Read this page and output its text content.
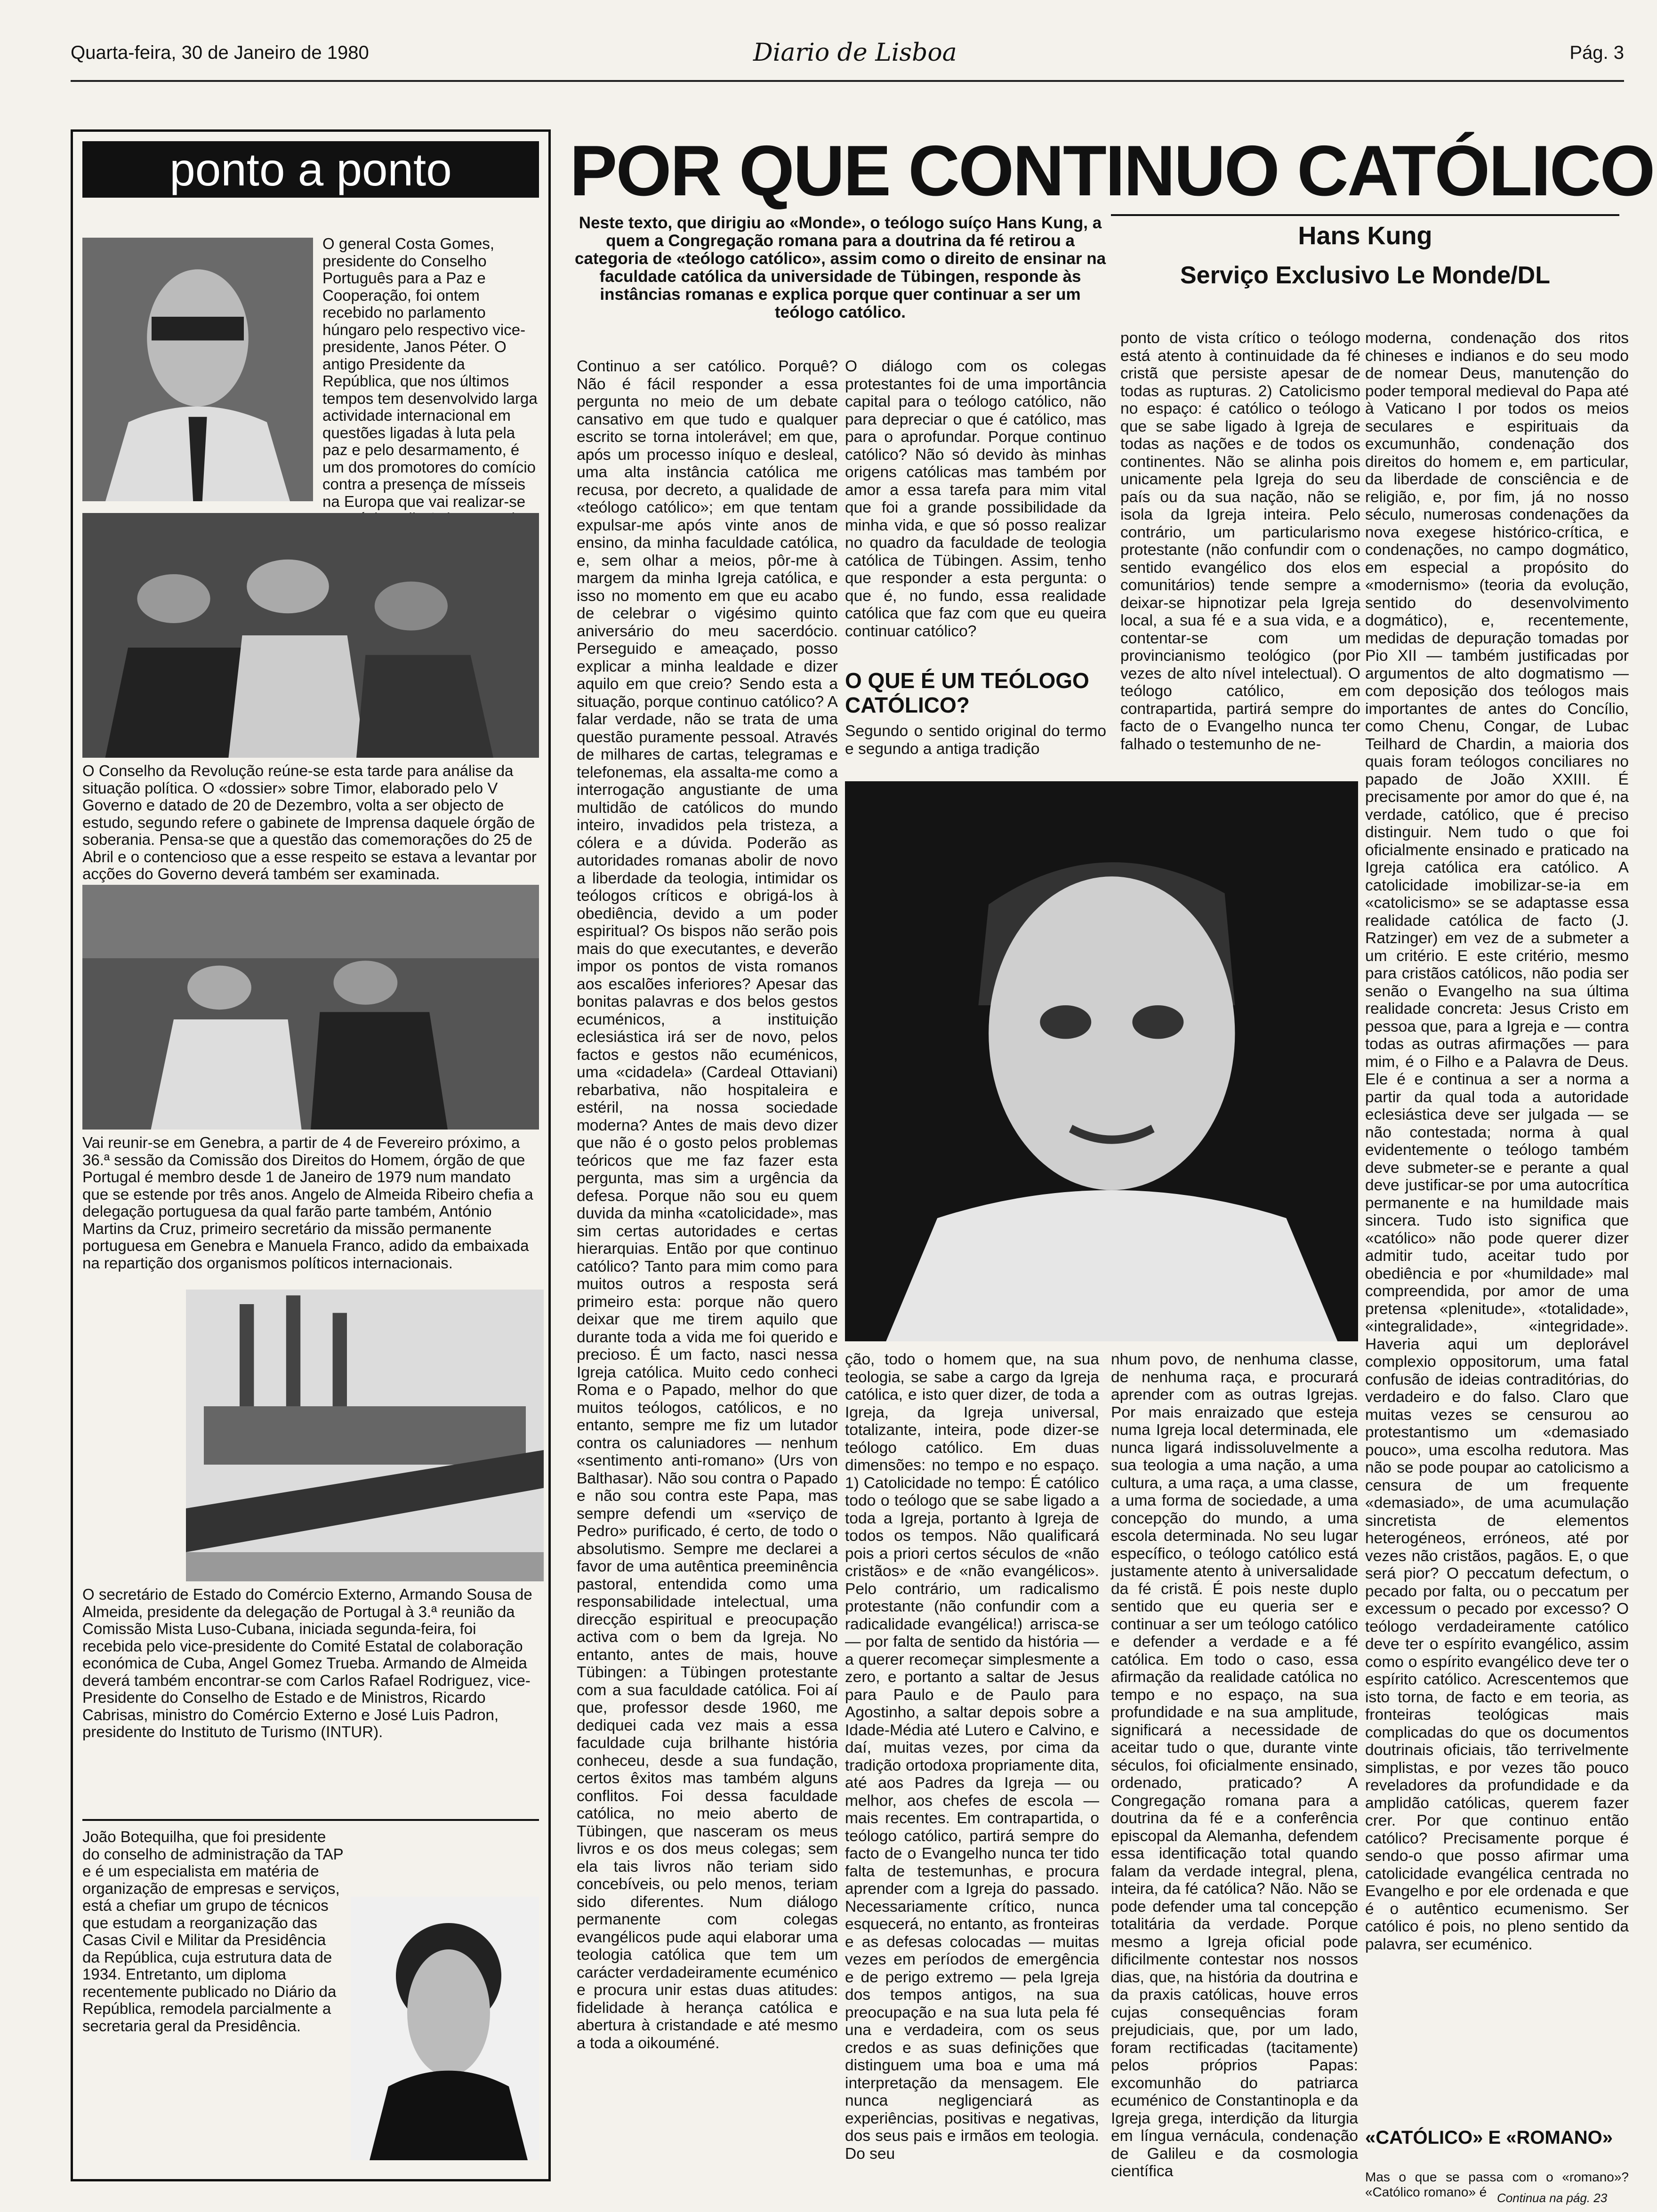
Quarta-feira, 30 de Janeiro de 1980	Diario de Lisboa	Pág. 3
ponto a ponto

O general Costa Gomes, presidente do Conselho Português para a Paz e Cooperação, foi ontem recebido no parlamento húngaro pelo respectivo vice-presidente, Janos Péter. O antigo Presidente da República, que nos últimos tempos tem desenvolvido larga actividade internacional em questões ligadas à luta pela paz e pelo desarmamento, é um dos promotores do comício contra a presença de mísseis na Europa que vai realizar-se

O Conselho da Revolução reúne-se esta tarde para análise da situação política. O «dossier» sobre Timor, elaborado pelo V Governo e datado de 20 de Dezembro, volta a ser objecto de estudo, segundo refere o gabinete de Imprensa daquele órgão de soberania. Pensa-se que a questão das comemorações do 25 de Abril e o contencioso que a esse respeito se estava a levantar por acções do Governo deverá também ser examinada.

Vai reunir-se em Genebra, a partir de 4 de Fevereiro próximo, a 36.ª sessão da Comissão dos Direitos do Homem, órgão de que Portugal é membro desde 1 de Janeiro de 1979 num mandato que se estende por três anos. Angelo de Almeida Ribeiro chefia a delegação portuguesa da qual farão parte também, António Martins da Cruz, primeiro secretário da missão permanente portuguesa em Genebra e Manuela Franco, adido da embaixada na repartição dos organismos políticos internacionais.

O secretário de Estado do Comércio Externo, Armando Sousa de Almeida, presidente da delegação de Portugal à 3.ª reunião da Comissão Mista Luso-Cubana, iniciada segunda-feira, foi recebida pelo vice-presidente do Comité Estatal de colaboração económica de Cuba, Angel Gomez Trueba. Armando de Almeida deverá também encontrar-se com Carlos Rafael Rodriguez, vice-Presidente do Conselho de Estado e de Ministros, Ricardo Cabrisas, ministro do Comércio Externo e José Luis Padron, presidente do Instituto de Turismo (INTUR).

João Botequilha, que foi presidente do conselho de administração da TAP e é um especialista em matéria de organização de empresas e serviços, está a chefiar um grupo de técnicos que estudam a reorganização das Casas Civil e Militar da Presidência da República, cuja estrutura data de 1934. Entretanto, um diploma recentemente publicado no Diário da República, remodela parcialmente a secretaria geral da Presidência.

POR QUE CONTINUO CATÓLICO
Hans Kung
Serviço Exclusivo Le Monde/DL

Neste texto, que dirigiu ao «Monde», o teólogo suíço Hans Kung, a quem a Congregação romana para a doutrina da fé retirou a categoria de «teólogo católico», assim como o direito de ensinar na faculdade católica da universidade de Tübingen, responde às instâncias romanas e explica porque quer continuar a ser um teólogo católico.

Continuo a ser católico. Porquê? Não é fácil responder a essa pergunta no meio de um debate cansativo em que tudo e qualquer escrito se torna intolerável; em que, após um processo iníquo e desleal, uma alta instância católica me recusa, por decreto, a qualidade de «teólogo católico»; em que tentam expulsar-me após vinte anos de ensino, da minha faculdade católica, e, sem olhar a meios, pôr-me à margem da minha Igreja católica, e isso no momento em que eu acabo de celebrar o vigésimo quinto aniversário do meu sacerdócio. Perseguido e ameaçado, posso explicar a minha lealdade e dizer aquilo em que creio? Sendo esta a situação, porque continuo católico? A falar verdade, não se trata de uma questão puramente pessoal. Através de milhares de cartas, telegramas e telefonemas, ela assalta-me como a interrogação angustiante de uma multidão de católicos do mundo inteiro, invadidos pela tristeza, a cólera e a dúvida. Poderão as autoridades romanas abolir de novo a liberdade da teologia, intimidar os teólogos críticos e obrigá-los à obediência, devido a um poder espiritual? Os bispos não serão pois mais do que executantes, e deverão impor os pontos de vista romanos aos escalões inferiores? Apesar das bonitas palavras e dos belos gestos ecuménicos, a instituição eclesiástica irá ser de novo, pelos factos e gestos não ecuménicos, uma «cidadela» (Cardeal Ottaviani) rebarbativa, não hospitaleira e estéril, na nossa sociedade moderna? Antes de mais devo dizer que não é o gosto pelos problemas teóricos que me faz fazer esta pergunta, mas sim a urgência da defesa. Porque não sou eu quem duvida da minha «catolicidade», mas sim certas autoridades e certas hierarquias. Então por que continuo católico? Tanto para mim como para muitos outros a resposta será primeiro esta: porque não quero deixar que me tirem aquilo que durante toda a vida me foi querido e precioso. É um facto, nasci nessa Igreja católica. Muito cedo conheci Roma e o Papado, melhor do que muitos teólogos, católicos, e no entanto, sempre me fiz um lutador contra os caluniadores — nenhum «sentimento anti-romano» (Urs von Balthasar). Não sou contra o Papado e não sou contra este Papa, mas sempre defendi um «serviço de Pedro» purificado, é certo, de todo o absolutismo. Sempre me declarei a favor de uma autêntica preeminência pastoral, entendida como uma responsabilidade intelectual, uma direcção espiritual e preocupação activa com o bem da Igreja. No entanto, antes de mais, houve Tübingen: a Tübingen protestante com a sua faculdade católica. Foi aí que, professor desde 1960, me dediquei cada vez mais a essa faculdade cuja brilhante história conheceu, desde a sua fundação, certos êxitos mas também alguns conflitos. Foi dessa faculdade católica, no meio aberto de Tübingen, que nasceram os meus livros e os dos meus colegas; sem ela tais livros não teriam sido concebíveis, ou pelo menos, teriam sido diferentes. Num diálogo permanente com colegas evangélicos pude aqui elaborar uma teologia católica que tem um carácter verdadeiramente ecuménico e procura unir estas duas atitudes: fidelidade à herança católica e abertura à cristandade e até mesmo a toda a oikouméné.

O diálogo com os colegas protestantes foi de uma importância capital para o teólogo católico, não para depreciar o que é católico, mas para o aprofundar. Porque continuo católico? Não só devido às minhas origens católicas mas também por amor a essa tarefa para mim vital que foi a grande possibilidade da minha vida, e que só posso realizar no quadro da faculdade de teologia católica de Tübingen. Assim, tenho que responder a esta pergunta: o que é, no fundo, essa realidade católica que faz com que eu queira continuar católico?

O QUE É UM TEÓLOGO CATÓLICO?

Segundo o sentido original do termo e segundo a antiga tradição

ponto de vista crítico o teólogo está atento à continuidade da fé cristã que persiste apesar de todas as rupturas. 2) Catolicismo no espaço: é católico o teólogo que se sabe ligado à Igreja de todas as nações e de todos os continentes. Não se alinha pois unicamente pela Igreja do seu país ou da sua nação, não se isola da Igreja inteira. Pelo contrário, um particularismo protestante (não confundir com o sentido evangélico dos elos comunitários) tende sempre a deixar-se hipnotizar pela Igreja local, a sua fé e a sua vida, e a contentar-se com um provincianismo teológico (por vezes de alto nível intelectual). O teólogo católico, em contrapartida, partirá sempre do facto de o Evangelho nunca ter falhado o testemunho de ne-

moderna, condenação dos ritos chineses e indianos e do seu modo de nomear Deus, manutenção do poder temporal medieval do Papa até à Vaticano I por todos os meios seculares e espirituais da excumunhão, condenação dos direitos do homem e, em particular, da liberdade de consciência e de religião, e, por fim, já no nosso século, numerosas condenações da nova exegese histórico-crítica, e condenações, no campo dogmático, em especial a propósito do «modernismo» (teoria da evolução, sentido do desenvolvimento dogmático), e, recentemente, medidas de depuração tomadas por Pio XII — também justificadas por argumentos de alto dogmatismo — com deposição dos teólogos mais importantes de antes do Concílio, como Chenu, Congar, de Lubac Teilhard de Chardin, a maioria dos quais foram teólogos conciliares no papado de João XXIII. É precisamente por amor do que é, na verdade, católico, que é preciso distinguir. Nem tudo o que foi oficialmente ensinado e praticado na Igreja católica era católico. A catolicidade imobilizar-se-ia em «catolicismo» se se adaptasse essa realidade católica de facto (J. Ratzinger) em vez de a submeter a um critério. E este critério, mesmo para cristãos católicos, não podia ser senão o Evangelho na sua última realidade concreta: Jesus Cristo em pessoa que, para a Igreja e — contra todas as outras afirmações — para mim, é o Filho e a Palavra de Deus. Ele é e continua a ser a norma a partir da qual toda a autoridade eclesiástica deve ser julgada — se não contestada; norma à qual evidentemente o teólogo também deve submeter-se e perante a qual deve justificar-se por uma autocrítica permanente e na humildade mais sincera. Tudo isto significa que «católico» não pode querer dizer admitir tudo, aceitar tudo por obediência e por «humildade» mal compreendida, por amor de uma pretensa «plenitude», «totalidade», «integralidade», «integridade». Haveria aqui um deplorável complexio oppositorum, uma fatal confusão de ideias contraditórias, do verdadeiro e do falso. Claro que muitas vezes se censurou ao protestantismo um «demasiado pouco», uma escolha redutora. Mas não se pode poupar ao catolicismo a censura de um frequente «demasiado», de uma acumulação sincretista de elementos heterogéneos, erróneos, até por vezes não cristãos, pagãos. E, o que será pior? O peccatum defectum, o pecado por falta, ou o peccatum per excessum o pecado por excesso? O teólogo verdadeiramente católico deve ter o espírito evangélico, assim como o espírito evangélico deve ter o espírito católico. Acrescentemos que isto torna, de facto e em teoria, as fronteiras teológicas mais complicadas do que os documentos doutrinais oficiais, tão terrivelmente simplistas, e por vezes tão pouco reveladores da profundidade e da amplidão católicas, querem fazer crer. Por que continuo então católico? Precisamente porque é sendo-o que posso afirmar uma catolicidade evangélica centrada no Evangelho e por ele ordenada e que é o autêntico ecumenismo. Ser católico é pois, no pleno sentido da palavra, ser ecuménico.

ção, todo o homem que, na sua teologia, se sabe a cargo da Igreja católica, e isto quer dizer, de toda a Igreja, da Igreja universal, totalizante, inteira, pode dizer-se teólogo católico. Em duas dimensões: no tempo e no espaço. 1) Catolicidade no tempo: É católico todo o teólogo que se sabe ligado a toda a Igreja, portanto à Igreja de todos os tempos. Não qualificará pois a priori certos séculos de «não cristãos» e de «não evangélicos». Pelo contrário, um radicalismo protestante (não confundir com a radicalidade evangélica!) arrisca-se — por falta de sentido da história — a querer recomeçar simplesmente a zero, e portanto a saltar de Jesus para Paulo e de Paulo para Agostinho, a saltar depois sobre a Idade-Média até Lutero e Calvino, e daí, muitas vezes, por cima da tradição ortodoxa propriamente dita, até aos Padres da Igreja — ou melhor, aos chefes de escola — mais recentes. Em contrapartida, o teólogo católico, partirá sempre do facto de o Evangelho nunca ter tido falta de testemunhas, e procura aprender com a Igreja do passado. Necessariamente crítico, nunca esquecerá, no entanto, as fronteiras e as defesas colocadas — muitas vezes em períodos de emergência e de perigo extremo — pela Igreja dos tempos antigos, na sua preocupação e na sua luta pela fé una e verdadeira, com os seus credos e as suas definições que distinguem uma boa e uma má interpretação da mensagem. Ele nunca negligenciará as experiências, positivas e negativas, dos seus pais e irmãos em teologia. Do seu

nhum povo, de nenhuma classe, de nenhuma raça, e procurará aprender com as outras Igrejas. Por mais enraizado que esteja numa Igreja local determinada, ele nunca ligará indissoluvelmente a sua teologia a uma nação, a uma cultura, a uma raça, a uma classe, a uma forma de sociedade, a uma concepção do mundo, a uma escola determinada. No seu lugar específico, o teólogo católico está justamente atento à universalidade da fé cristã. É pois neste duplo sentido que eu queria ser e continuar a ser um teólogo católico e defender a verdade e a fé católica. Em todo o caso, essa afirmação da realidade católica no tempo e no espaço, na sua profundidade e na sua amplitude, significará a necessidade de aceitar tudo o que, durante vinte séculos, foi oficialmente ensinado, ordenado, praticado? A Congregação romana para a doutrina da fé e a conferência episcopal da Alemanha, defendem essa identificação total quando falam da verdade integral, plena, inteira, da fé católica? Não. Não se pode defender uma tal concepção totalitária da verdade. Porque mesmo a Igreja oficial pode dificilmente contestar nos nossos dias, que, na história da doutrina e da praxis católicas, houve erros cujas consequências foram prejudiciais, que, por um lado, foram rectificadas (tacitamente) pelos próprios Papas: excomunhão do patriarca ecuménico de Constantinopla e da Igreja grega, interdição da liturgia em língua vernácula, condenação de Galileu e da cosmologia científica

«CATÓLICO» E «ROMANO»

Mas o que se passa com o «romano»? «Católico romano» é Continua na pág. 23
